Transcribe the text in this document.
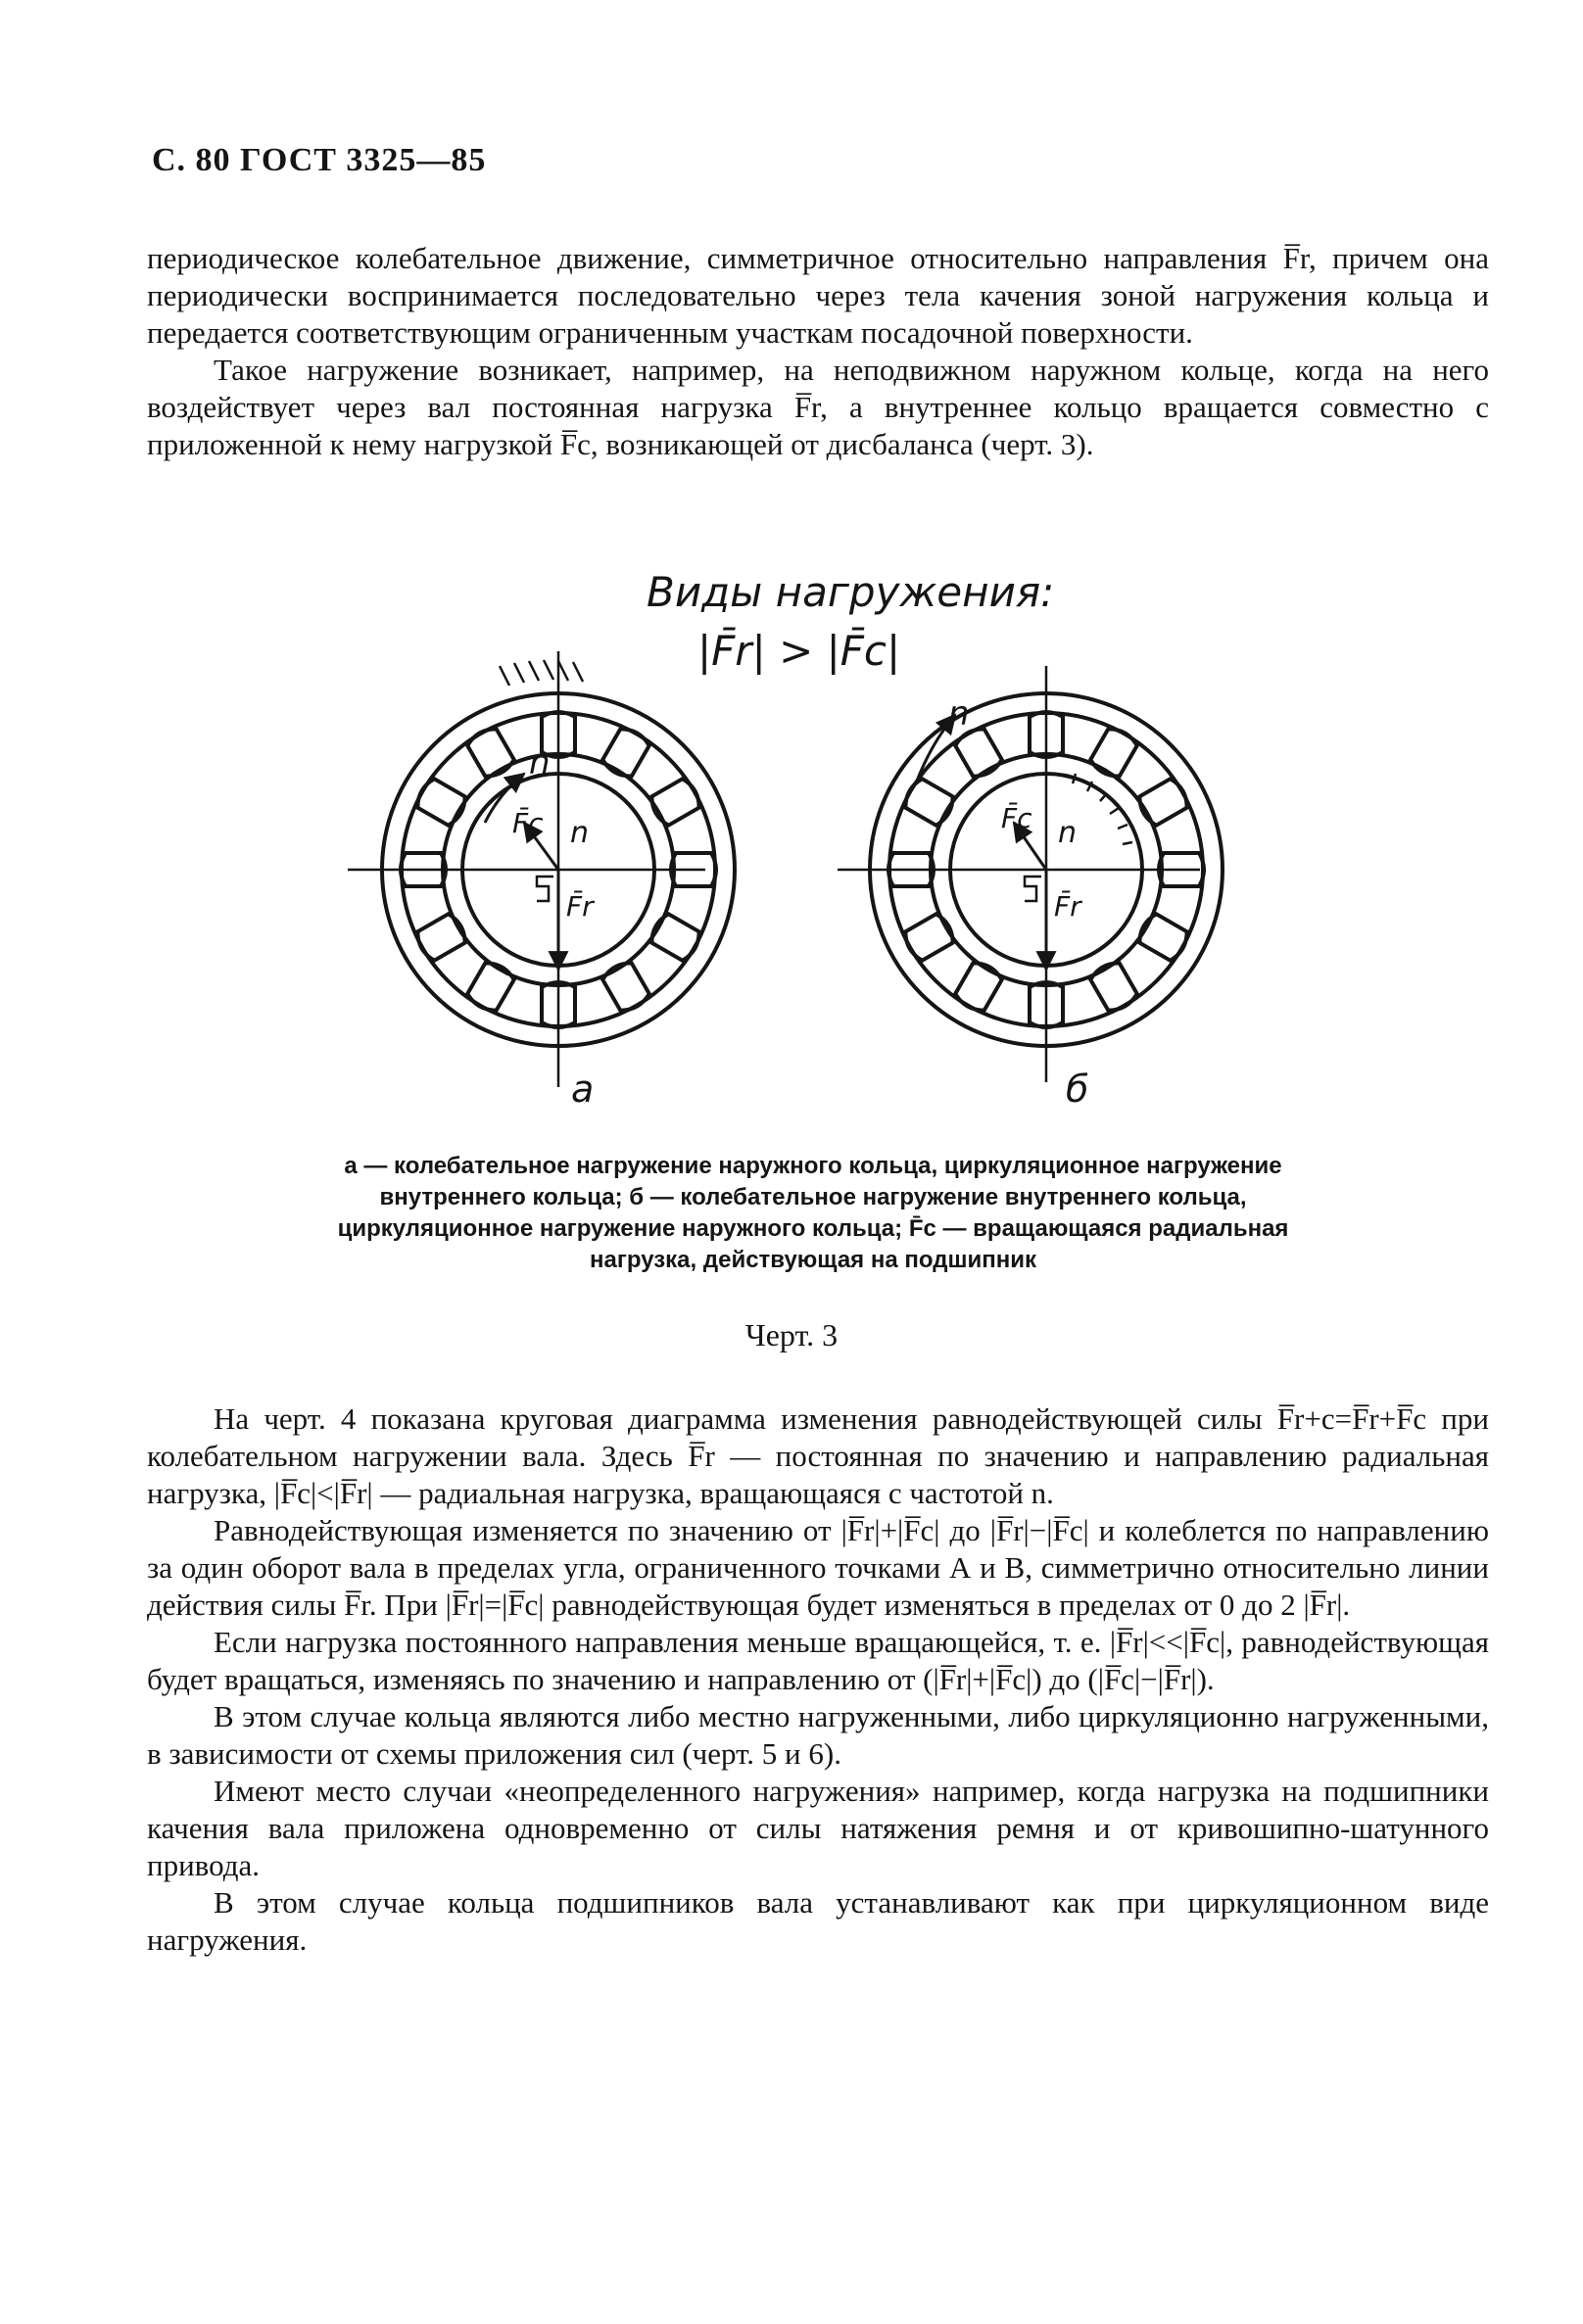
С. 80 ГОСТ 3325—85

периодическое колебательное движение, симметричное относительно направления F̅r, причем она периодически воспринимается последовательно через тела качения зоной нагружения кольца и передается соответствующим ограниченным участкам посадочной поверхности.

Такое нагружение возникает, например, на неподвижном наружном кольце, когда на него воздействует через вал постоянная нагрузка F̅r, а внутреннее кольцо вращается совместно с приложенной к нему нагрузкой F̅c, возникающей от дисбаланса (черт. 3).

Виды нагружения:
|F̄r| > |F̄c|
n
n
F̄c
F̄r
а
n
n
F̄c
F̄r
б
а — колебательное нагружение наружного кольца, циркуляционное нагружение внутреннего кольца; б — колебательное нагружение внутреннего кольца, циркуляционное нагружение наружного кольца; F̄c — вращающаяся радиальная нагрузка, действующая на подшипник
Черт. 3

На черт. 4 показана круговая диаграмма изменения равнодействующей силы F̅r+c=F̅r+F̅c при колебательном нагружении вала. Здесь F̅r — постоянная по значению и направлению радиальная нагрузка, |F̅c|<|F̅r| — радиальная нагрузка, вращающаяся с частотой n.

Равнодействующая изменяется по значению от |F̅r|+|F̅c| до |F̅r|−|F̅c| и колеблется по направлению за один оборот вала в пределах угла, ограниченного точками А и В, симметрично относительно линии действия силы F̅r. При |F̅r|=|F̅c| равнодействующая будет изменяться в пределах от 0 до 2 |F̅r|.

Если нагрузка постоянного направления меньше вращающейся, т. е. |F̅r|<<|F̅c|, равнодействующая будет вращаться, изменяясь по значению и направлению от (|F̅r|+|F̅c|) до (|F̅c|−|F̅r|).

В этом случае кольца являются либо местно нагруженными, либо циркуляционно нагруженными, в зависимости от схемы приложения сил (черт. 5 и 6).

Имеют место случаи «неопределенного нагружения» например, когда нагрузка на подшипники качения вала приложена одновременно от силы натяжения ремня и от кривошипно-шатунного привода.

В этом случае кольца подшипников вала устанавливают как при циркуляционном виде нагружения.
